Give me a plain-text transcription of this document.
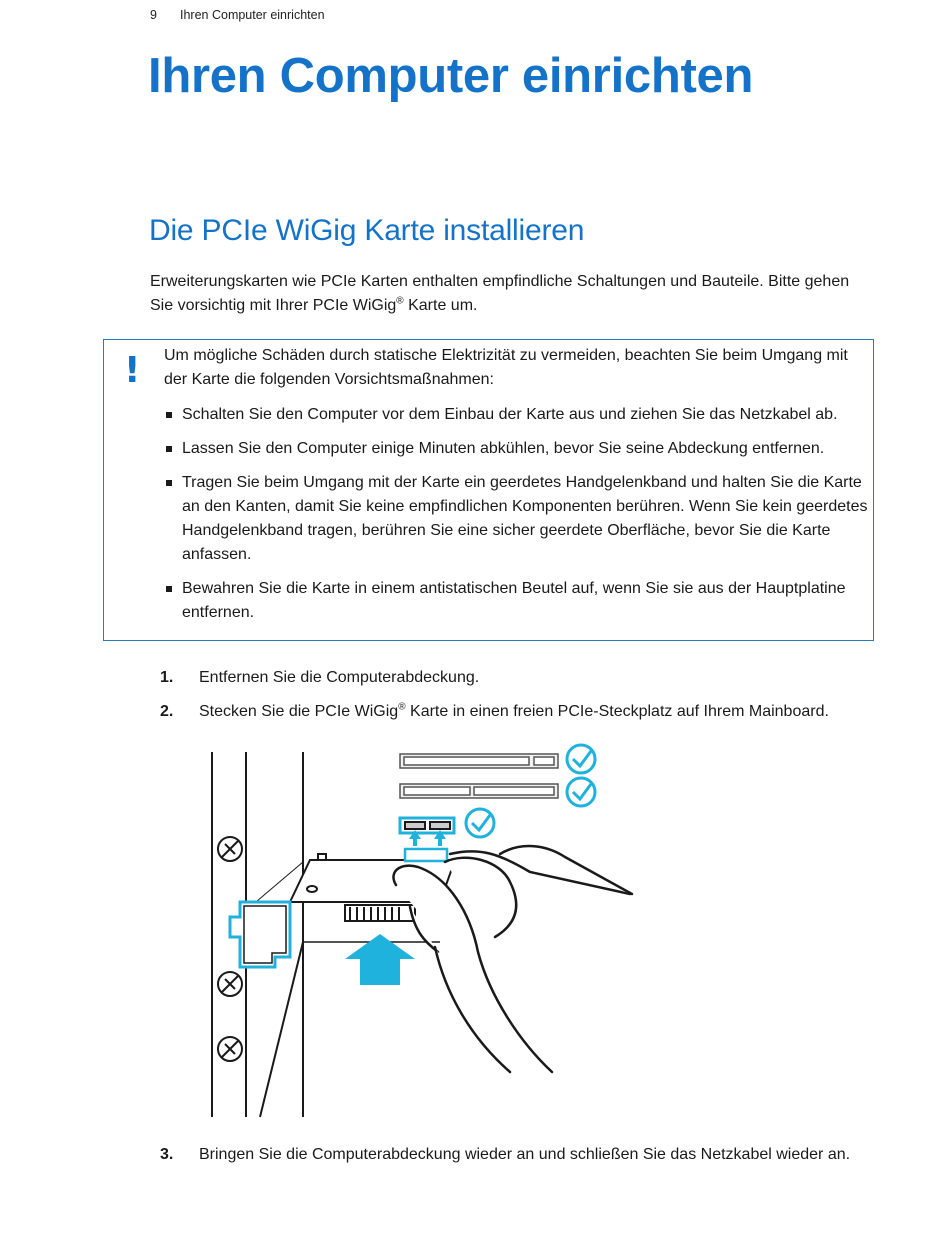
9 Ihren Computer einrichten
Ihren Computer einrichten
Die PCIe WiGig Karte installieren

Erweiterungskarten wie PCIe Karten enthalten empfindliche Schaltungen und Bauteile. Bitte gehen Sie vorsichtig mit Ihrer PCIe WiGig® Karte um.

! Um mögliche Schäden durch statische Elektrizität zu vermeiden, beachten Sie beim Umgang mit der Karte die folgenden Vorsichtsmaßnahmen:

Schalten Sie den Computer vor dem Einbau der Karte aus und ziehen Sie das Netzkabel ab.
Lassen Sie den Computer einige Minuten abkühlen, bevor Sie seine Abdeckung entfernen.
Tragen Sie beim Umgang mit der Karte ein geerdetes Handgelenkband und halten Sie die Karte an den Kanten, damit Sie keine empfindlichen Komponenten berühren. Wenn Sie kein geerdetes Handgelenkband tragen, berühren Sie eine sicher geerdete Oberfläche, bevor Sie die Karte anfassen.
Bewahren Sie die Karte in einem antistatischen Beutel auf, wenn Sie sie aus der Hauptplatine entfernen.
1. Entfernen Sie die Computerabdeckung.
2. Stecken Sie die PCIe WiGig® Karte in einen freien PCIe-Steckplatz auf Ihrem Mainboard.
3. Bringen Sie die Computerabdeckung wieder an und schließen Sie das Netzkabel wieder an.
